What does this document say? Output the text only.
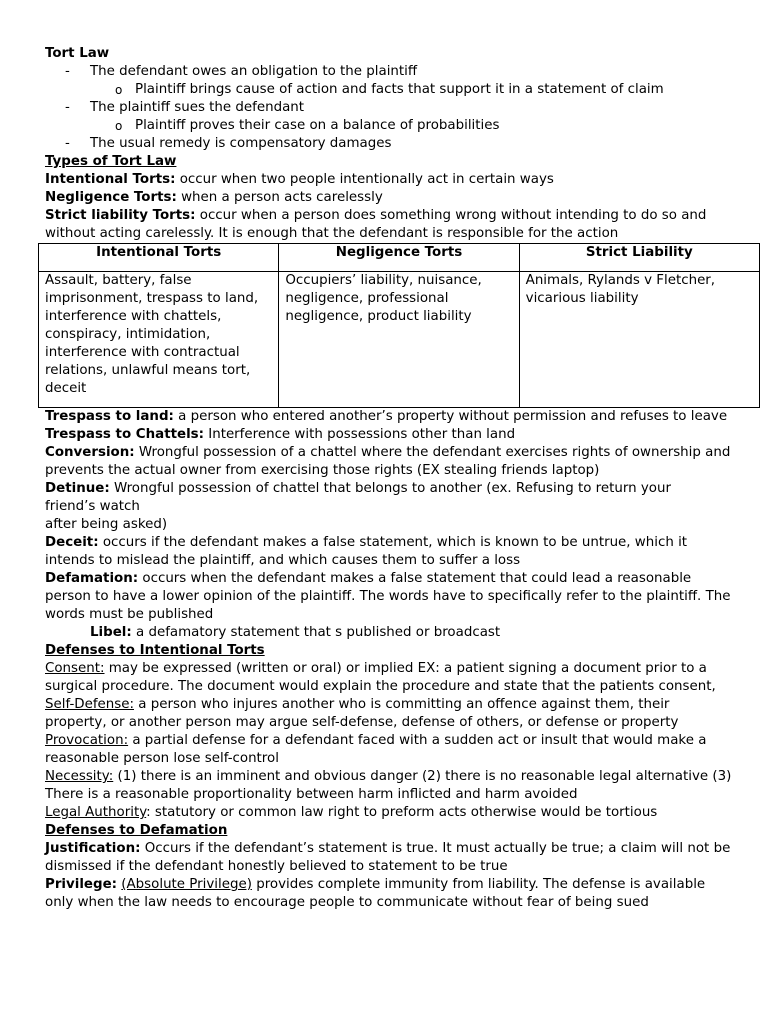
Tort Law
- The defendant owes an obligation to the plaintiff
o Plaintiff brings cause of action and facts that support it in a statement of claim
- The plaintiff sues the defendant
o Plaintiff proves their case on a balance of probabilities
- The usual remedy is compensatory damages
Types of Tort Law
Intentional Torts: occur when two people intentionally act in certain ways
Negligence Torts: when a person acts carelessly
Strict liability Torts: occur when a person does something wrong without intending to do so and without acting carelessly. It is enough that the defendant is responsible for the action
Intentional Torts	Negligence Torts	Strict Liability
Assault, battery, false imprisonment, trespass to land, interference with chattels, conspiracy, intimidation, interference with contractual relations, unlawful means tort, deceit	Occupiers’ liability, nuisance, negligence, professional negligence, product liability	Animals, Rylands v Fletcher, vicarious liability
Trespass to land: a person who entered another’s property without permission and refuses to leave
Trespass to Chattels: Interference with possessions other than land
Conversion: Wrongful possession of a chattel where the defendant exercises rights of ownership and prevents the actual owner from exercising those rights (EX stealing friends laptop)
Detinue: Wrongful possession of chattel that belongs to another (ex. Refusing to return your friend’s watch
after being asked)
Deceit: occurs if the defendant makes a false statement, which is known to be untrue, which it intends to mislead the plaintiff, and which causes them to suffer a loss
Defamation: occurs when the defendant makes a false statement that could lead a reasonable person to have a lower opinion of the plaintiff. The words have to specifically refer to the plaintiff. The words must be published
Libel: a defamatory statement that s published or broadcast
Defenses to Intentional Torts
Consent: may be expressed (written or oral) or implied EX: a patient signing a document prior to a surgical procedure. The document would explain the procedure and state that the patients consent,
Self-Defense: a person who injures another who is committing an offence against them, their property, or another person may argue self-defense, defense of others, or defense or property
Provocation: a partial defense for a defendant faced with a sudden act or insult that would make a reasonable person lose self-control
Necessity: (1) there is an imminent and obvious danger (2) there is no reasonable legal alternative (3) There is a reasonable proportionality between harm inflicted and harm avoided
Legal Authority: statutory or common law right to preform acts otherwise would be tortious
Defenses to Defamation
Justification: Occurs if the defendant’s statement is true. It must actually be true; a claim will not be dismissed if the defendant honestly believed to statement to be true
Privilege: (Absolute Privilege) provides complete immunity from liability. The defense is available only when the law needs to encourage people to communicate without fear of being sued
